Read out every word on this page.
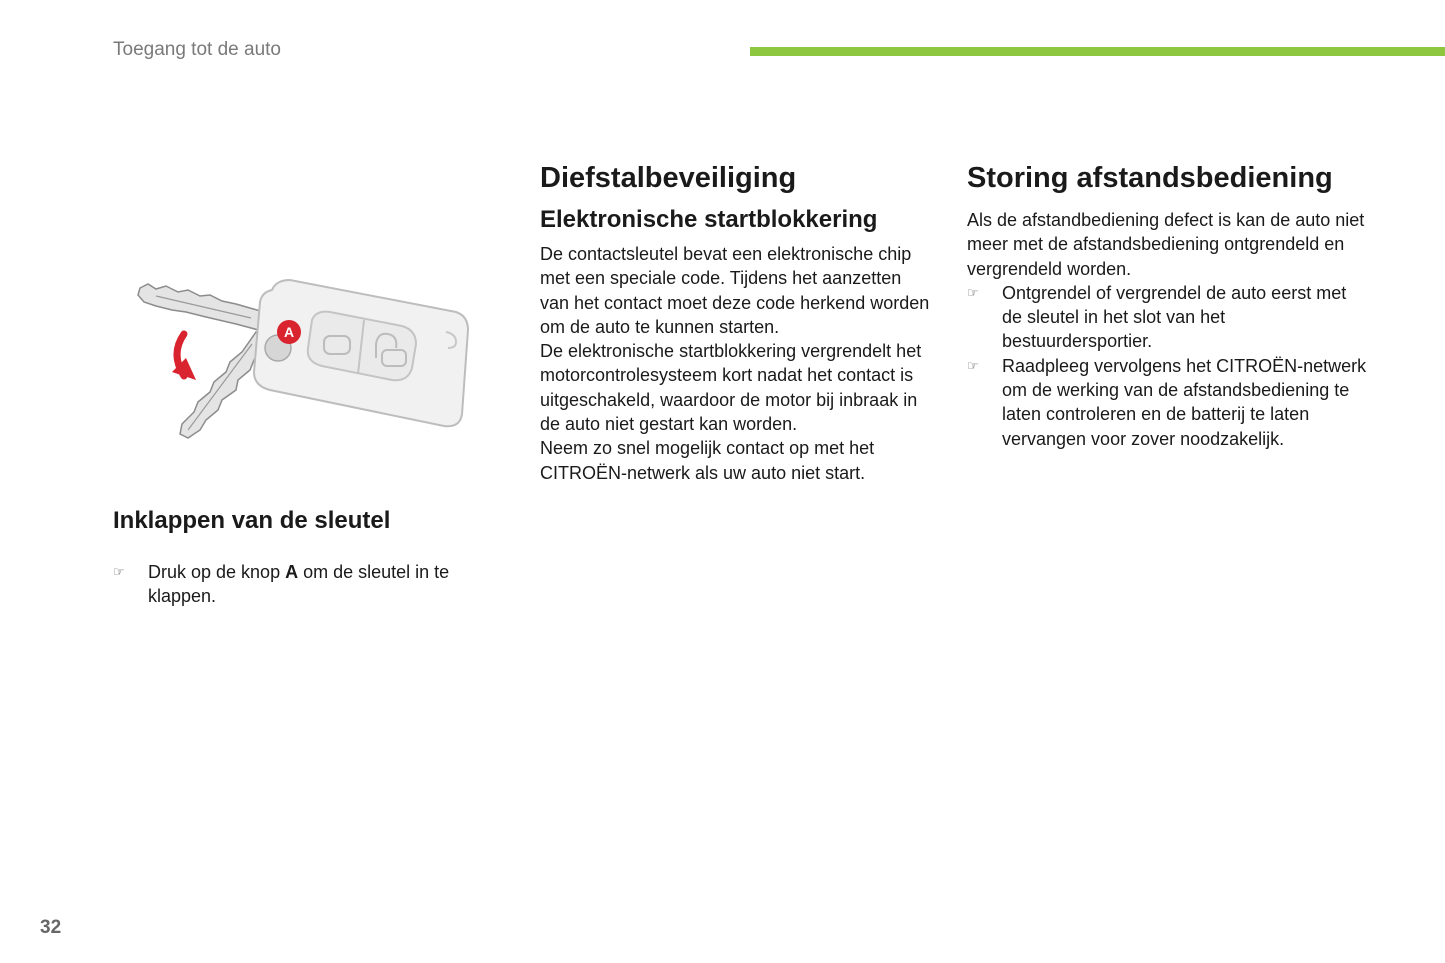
Toegang tot de auto
A
Inklappen van de sleutel
☞ Druk op de knop A om de sleutel in te klappen.
Diefstalbeveiliging
Elektronische startblokkering

De contactsleutel bevat een elektronische chip met een speciale code. Tijdens het aanzetten van het contact moet deze code herkend worden om de auto te kunnen starten.

De elektronische startblokkering vergrendelt het motorcontrolesysteem kort nadat het contact is uitgeschakeld, waardoor de motor bij inbraak in de auto niet gestart kan worden.

Neem zo snel mogelijk contact op met het CITROËN-netwerk als uw auto niet start.

Storing afstandsbediening

Als de afstandbediening defect is kan de auto niet meer met de afstandsbediening ontgrendeld en vergrendeld worden.

☞ Ontgrendel of vergrendel de auto eerst met de sleutel in het slot van het bestuurdersportier.
☞ Raadpleeg vervolgens het CITROËN-netwerk om de werking van de afstandsbediening te laten controleren en de batterij te laten vervangen voor zover noodzakelijk.
32
